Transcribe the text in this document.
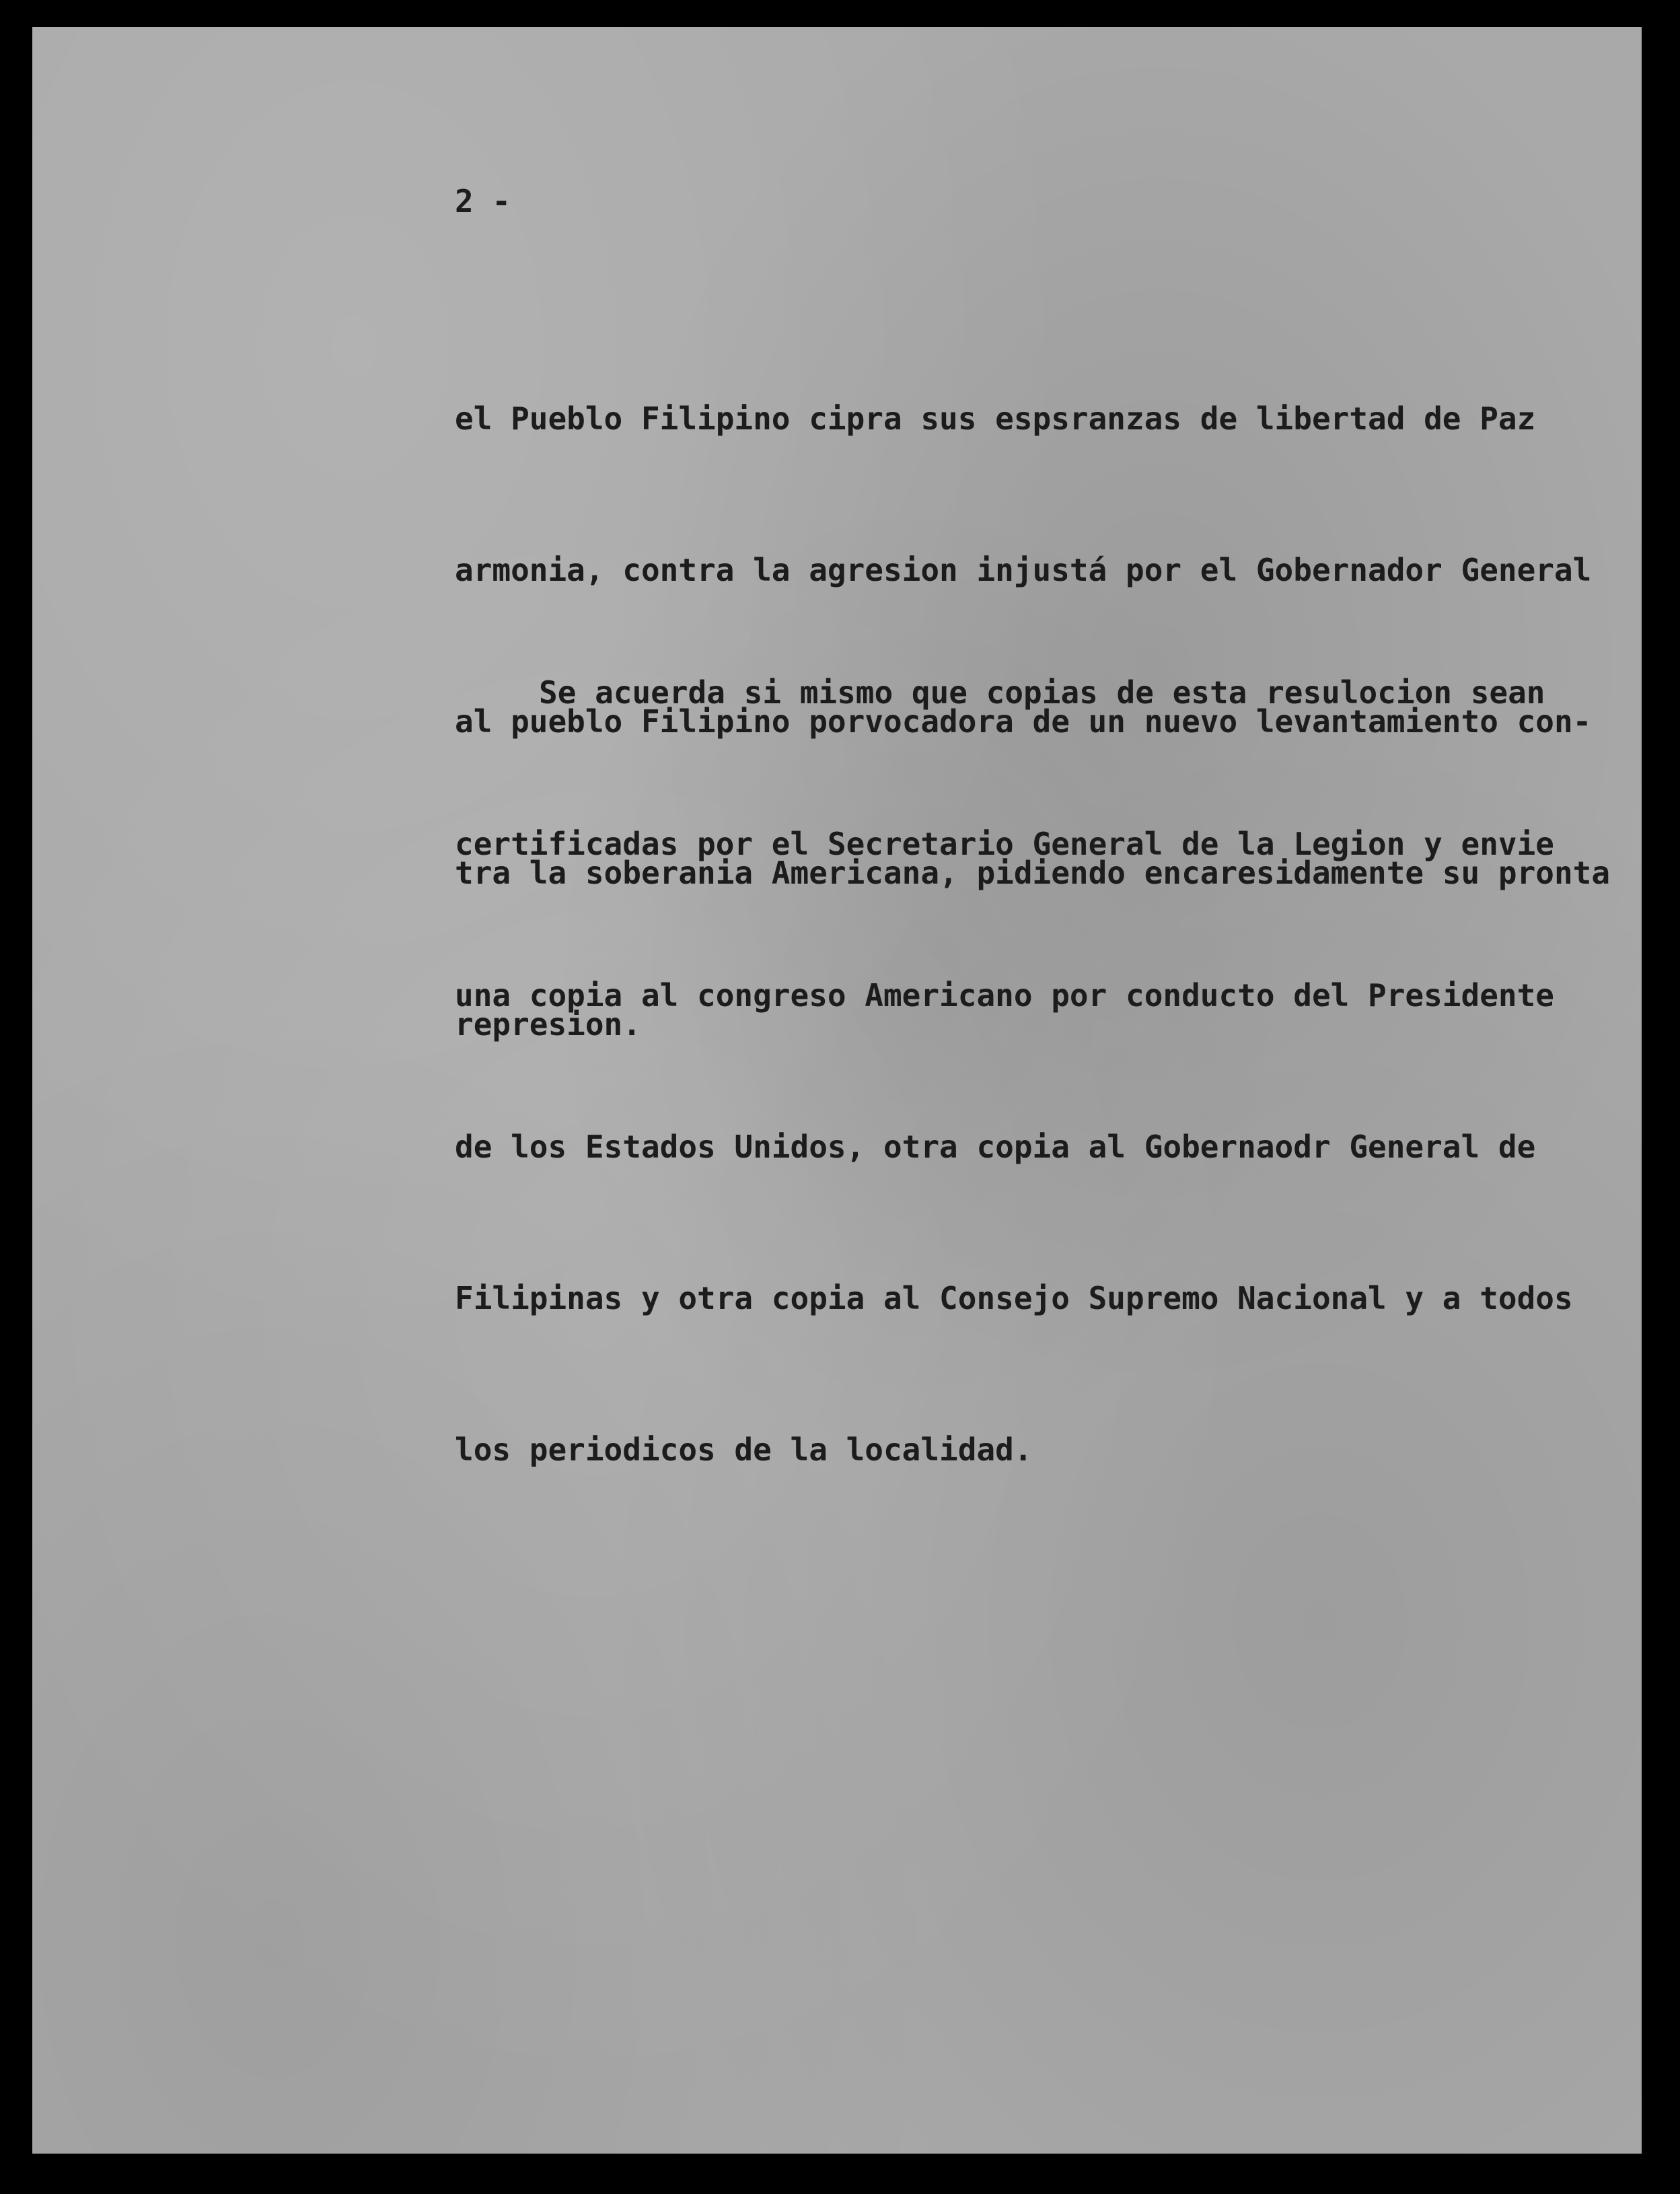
2 -

el Pueblo Filipino cipra sus espsranzas de libertad de Paz

armonia, contra la agresion injustá por el Gobernador General

al pueblo Filipino porvocadora de un nuevo levantamiento con-

tra la soberania Americana, pidiendo encaresidamente su pronta

represion.

Se acuerda si mismo que copias de esta resulocion sean

certificadas por el Secretario General de la Legion y envie

una copia al congreso Americano por conducto del Presidente

de los Estados Unidos, otra copia al Gobernaodr General de

Filipinas y otra copia al Consejo Supremo Nacional y a todos

los periodicos de la localidad.
